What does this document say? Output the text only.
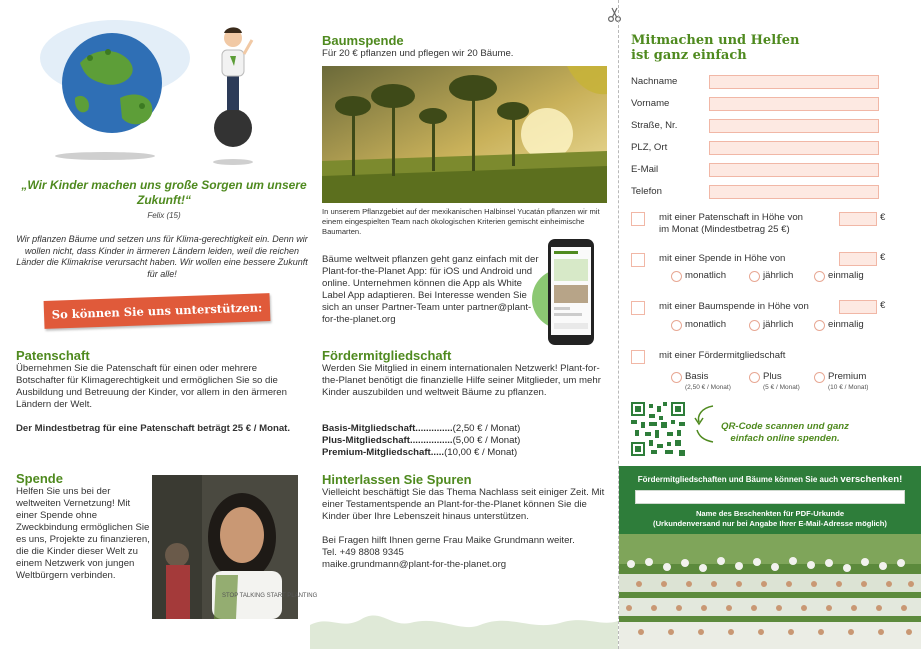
„Wir Kinder machen uns große Sorgen um unsere Zukunft!“
Felix (15)
Wir pflanzen Bäume und setzen uns für Klima-gerechtigkeit ein. Denn wir wollen nicht, dass Kinder in ärmeren Ländern leiden, weil die reichen Länder die Klimakrise verursacht haben. Wir wollen eine bessere Zukunft für alle!
So können Sie uns unterstützen:
Patenschaft
Übernehmen Sie die Patenschaft für einen oder mehrere Botschafter für Klimagerechtigkeit und ermöglichen Sie so die Ausbildung und Betreuung der Kinder, vor allem in den ärmeren Ländern der Welt.
Der Mindestbetrag für eine Patenschaft beträgt 25 € / Monat.
Spende
Helfen Sie uns bei der weltweiten Vernetzung! Mit einer Spende ohne Zweckbindung ermöglichen Sie es uns, Projekte zu finanzieren, die die Kinder dieser Welt zu einem Netzwerk von jungen Weltbürgern verbinden.
STOP TALKING START PLANTING
Baumspende
Für 20 € pflanzen und pflegen wir 20 Bäume.
In unserem Pflanzgebiet auf der mexikanischen Halbinsel Yucatán pflanzen wir mit einem eingespielten Team nach ökologischen Kriterien gemischt einheimische Baumarten.
Bäume weltweit pflanzen geht ganz einfach mit der Plant-for-the-Planet App: für iOS und Android und online. Unternehmen können die App als White Label App adaptieren. Bei Interesse wenden Sie sich an unser Partner-Team unter partner@plant-for-the-planet.org
Fördermitgliedschaft
Werden Sie Mitglied in einem internationalen Netzwerk! Plant-for-the-Planet benötigt die finanzielle Hilfe seiner Mitglieder, um mehr Kinder auszubilden und weltweit Bäume zu pflanzen.
Basis-Mitgliedschaft .............. (2,50 € / Monat)
Plus-Mitgliedschaft ................ (5,00 € / Monat)
Premium-Mitgliedschaft ..... (10,00 € / Monat)
Hinterlassen Sie Spuren
Vielleicht beschäftigt Sie das Thema Nachlass seit einiger Zeit. Mit einer Testamentspende an Plant-for-the-Planet können Sie die Kinder über Ihre Lebenszeit hinaus unterstützen.
Bei Fragen hilft Ihnen gerne Frau Maike Grundmann weiter.
Tel. +49 8808 9345
maike.grundmann@plant-for-the-planet.org
Mitmachen und Helfen
ist ganz einfach
Nachname
Vorname
Straße, Nr.
PLZ, Ort
E-Mail
Telefon
mit einer Patenschaft in Höhe von
im Monat (Mindestbetrag 25 €)
€
mit einer Spende in Höhe von	€
monatlich	jährlich	einmalig
mit einer Baumspende in Höhe von	€
monatlich	jährlich	einmalig
mit einer Fördermitgliedschaft
Basis
(2,50 € / Monat)
Plus
(5 € / Monat)
Premium
(10 € / Monat)
QR-Code scannen und ganz einfach online spenden.
Fördermitgliedschaften und Bäume können Sie auch verschenken!
Name des Beschenkten für PDF-Urkunde
(Urkundenversand nur bei Angabe Ihrer E-Mail-Adresse möglich)
